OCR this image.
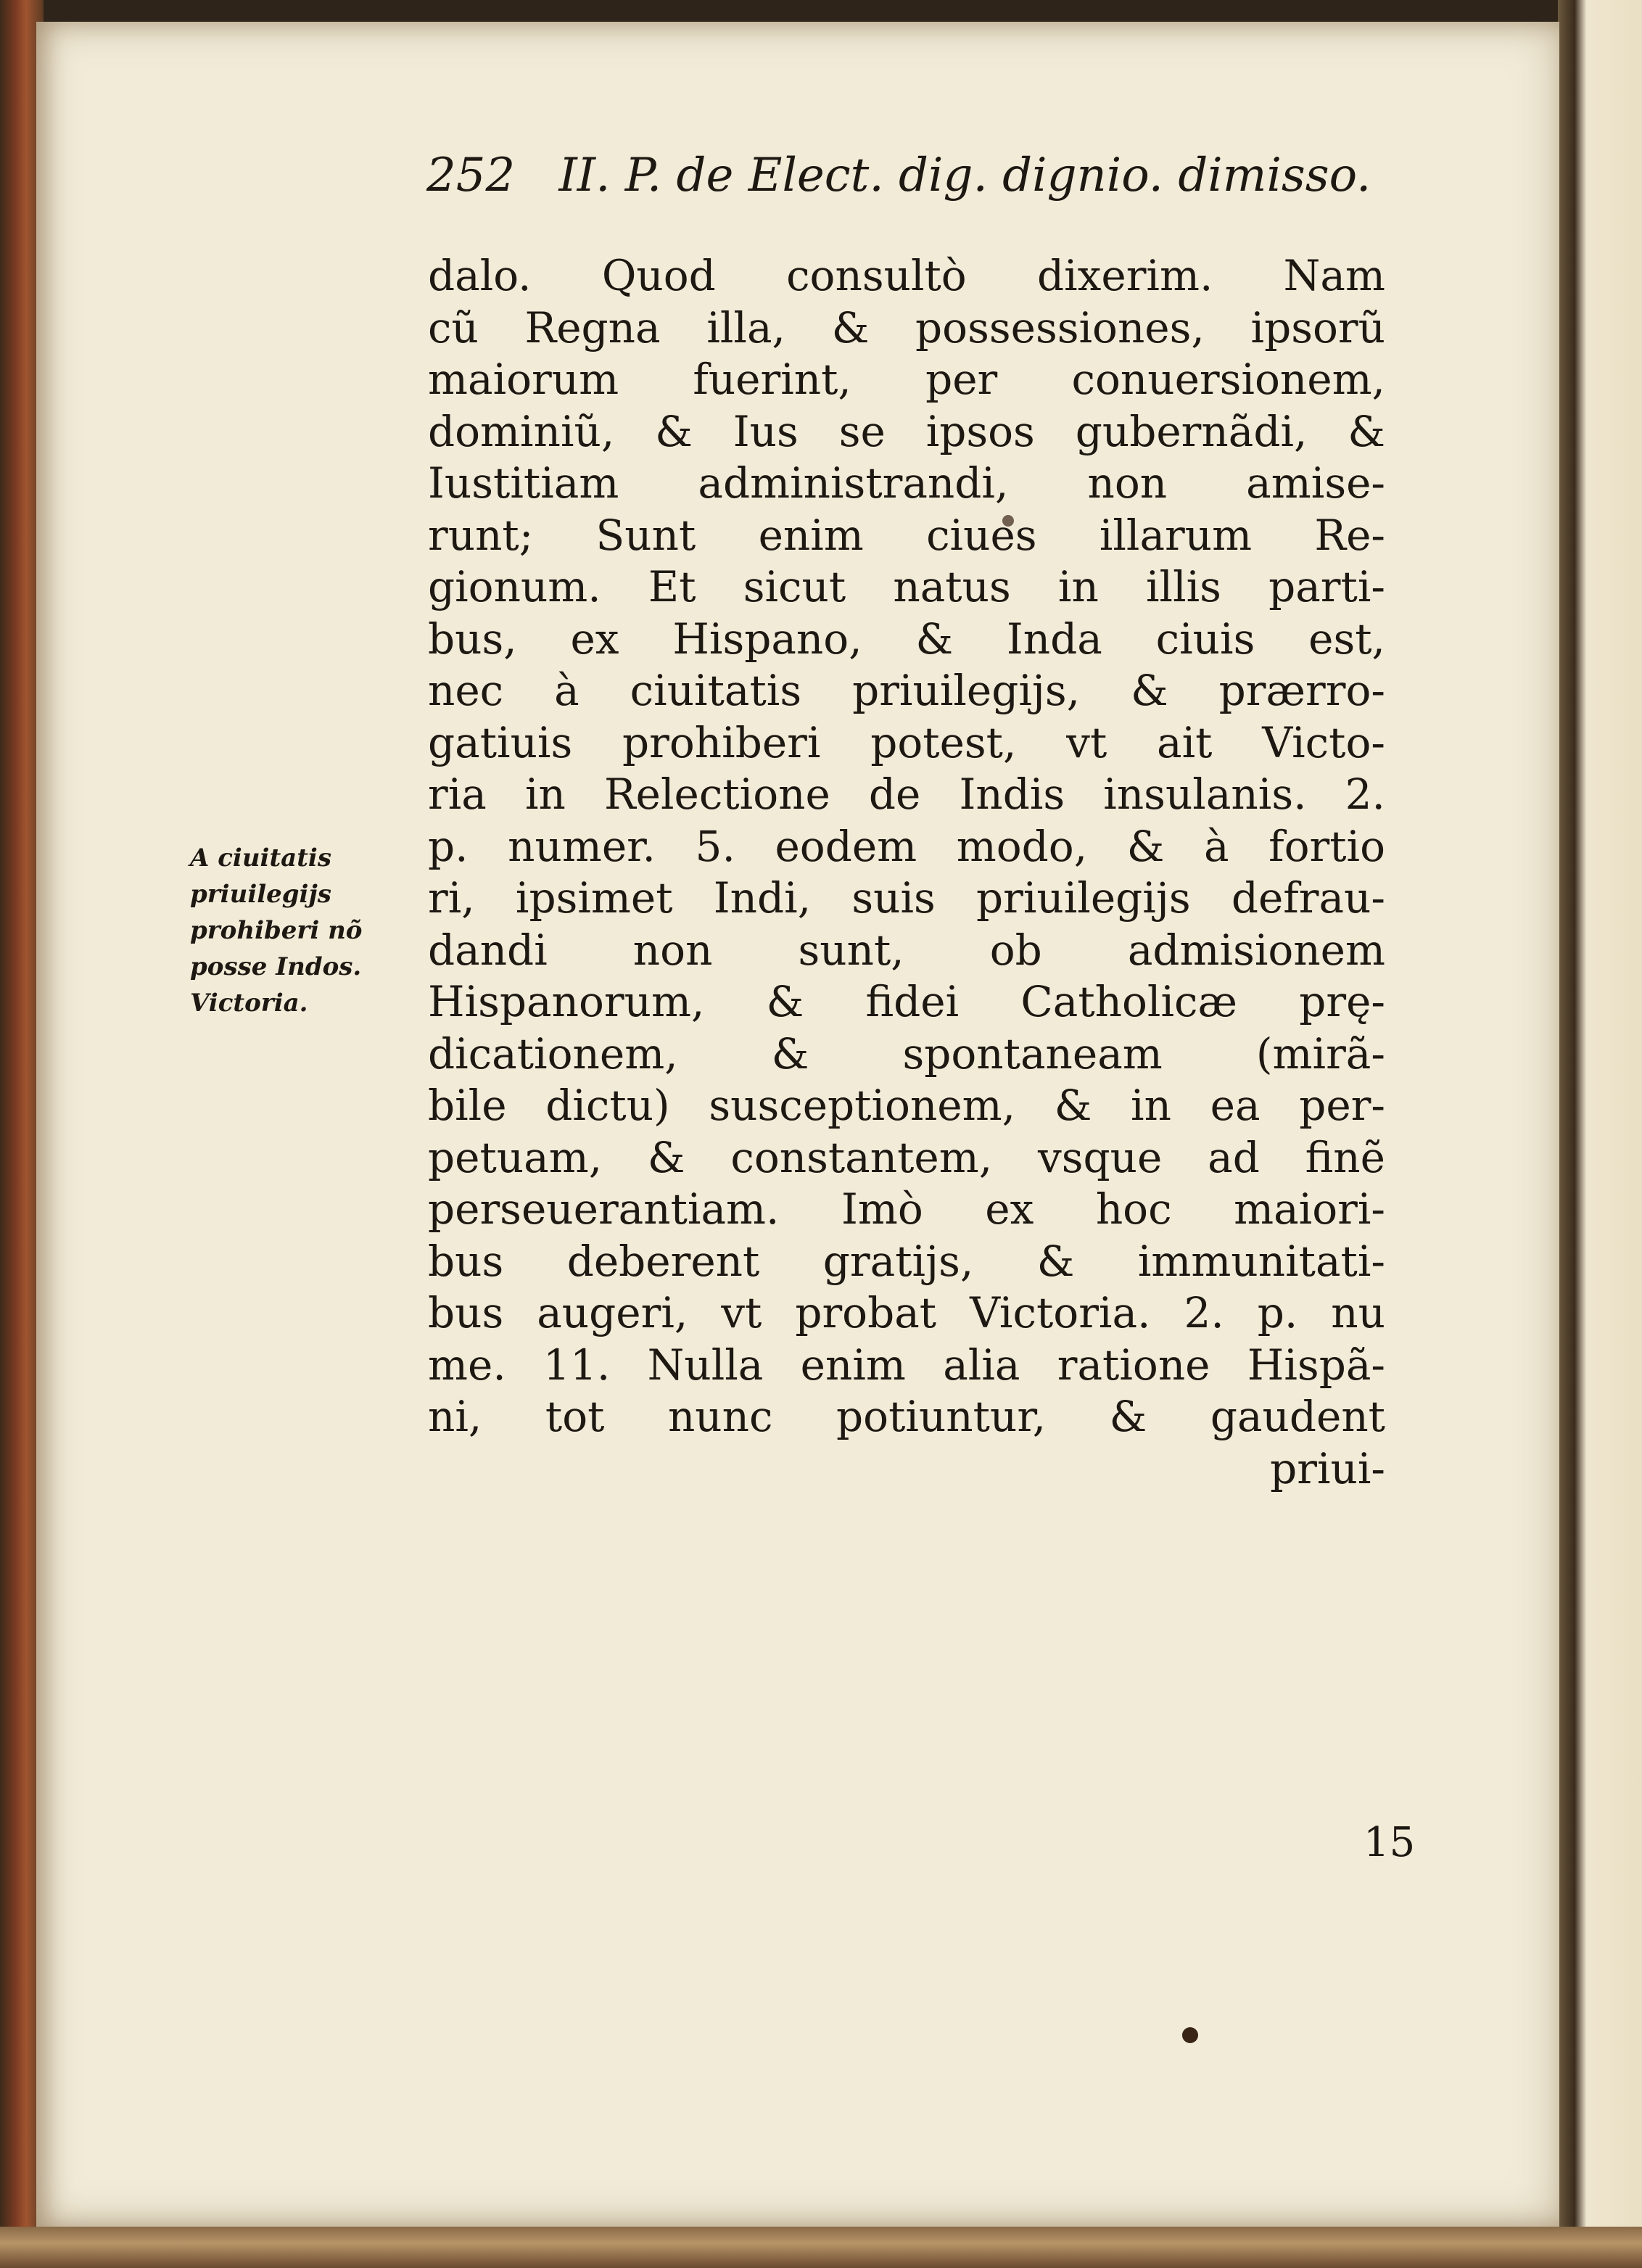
252 II. P. de Elect. dig. dignio. dimisso.
dalo. Quod consultò dixerim. Nam
cũ Regna illa, & possessiones, ipsorũ
maiorum fuerint, per conuersionem,
dominiũ, & Ius se ipsos gubernãdi, &
Iustitiam administrandi, non amise-
runt; Sunt enim ciues illarum Re-
gionum. Et sicut natus in illis parti-
bus, ex Hispano, & Inda ciuis est,
nec à ciuitatis priuilegijs, & prærro-
gatiuis prohiberi potest, vt ait Victo-
ria in Relectione de Indis insulanis. 2.
p. numer. 5. eodem modo, & à fortio
ri, ipsimet Indi, suis priuilegijs defrau-
dandi non sunt, ob admisionem
Hispanorum, & fidei Catholicæ prę-
dicationem, & spontaneam (mirã-
bile dictu) susceptionem, & in ea per-
petuam, & constantem, vsque ad finẽ
perseuerantiam. Imò ex hoc maiori-
bus deberent gratijs, & immunitati-
bus augeri, vt probat Victoria. 2. p. nu
me. 11. Nulla enim alia ratione Hispã-
ni, tot nunc potiuntur, & gaudent
priui-
A ciuitatis
priuilegijs
prohiberi nõ
posse Indos.
Victoria.
15
